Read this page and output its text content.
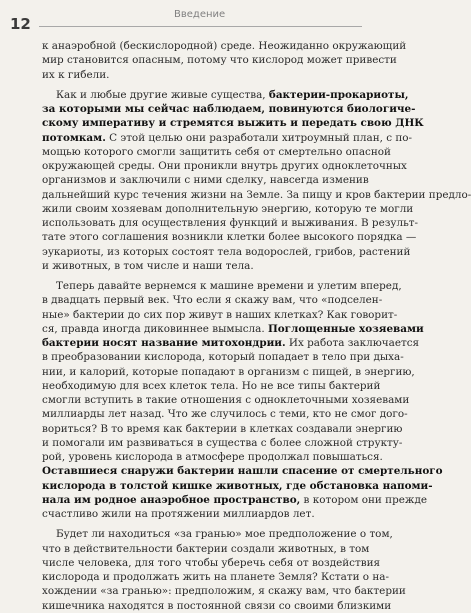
12

Введение

к анаэробной (бескислородной) среде. Неожиданно окружающий
мир становится опасным, потому что кислород может привести
их к гибели.
Как и любые другие живые существа, бактерии-прокариоты,
за которыми мы сейчас наблюдаем, повинуются биологиче-
скому императиву и стремятся выжить и передать свою ДНК
потомкам. С этой целью они разработали хитроумный план, с по-
мощью которого смогли защитить себя от смертельно опасной
окружающей среды. Они проникли внутрь других одноклеточных
организмов и заключили с ними сделку, навсегда изменив
дальнейший курс течения жизни на Земле. За пищу и кров бактерии предло-
жили своим хозяевам дополнительную энергию, которую те могли
использовать для осуществления функций и выживания. В результ-
тате этого соглашения возникли клетки более высокого порядка —
эукариоты, из которых состоят тела водорослей, грибов, растений
и животных, в том числе и наши тела.
Теперь давайте вернемся к машине времени и улетим вперед,
в двадцать первый век. Что если я скажу вам, что «подселен-
ные» бактерии до сих пор живут в наших клетках? Как говорит-
ся, правда иногда диковиннее вымысла. Поглощенные хозяевами
бактерии носят название митохондрии. Их работа заключается
в преобразовании кислорода, который попадает в тело при дыха-
нии, и калорий, которые попадают в организм с пищей, в энергию,
необходимую для всех клеток тела. Но не все типы бактерий
смогли вступить в такие отношения с одноклеточными хозяевами
миллиарды лет назад. Что же случилось с теми, кто не смог дого-
вориться? В то время как бактерии в клетках создавали энергию
и помогали им развиваться в существа с более сложной структу-
рой, уровень кислорода в атмосфере продолжал повышаться.
Оставшиеся снаружи бактерии нашли спасение от смертельного
кислорода в толстой кишке животных, где обстановка напоми-
нала им родное анаэробное пространство, в котором они прежде
счастливо жили на протяжении миллиардов лет.
Будет ли находиться «за гранью» мое предположение о том,
что в действительности бактерии создали животных, в том
числе человека, для того чтобы уберечь себя от воздействия
кислорода и продолжать жить на планете Земля? Кстати о на-
хождении «за гранью»: предположим, я скажу вам, что бактерии
кишечника находятся в постоянной связи со своими близкими
